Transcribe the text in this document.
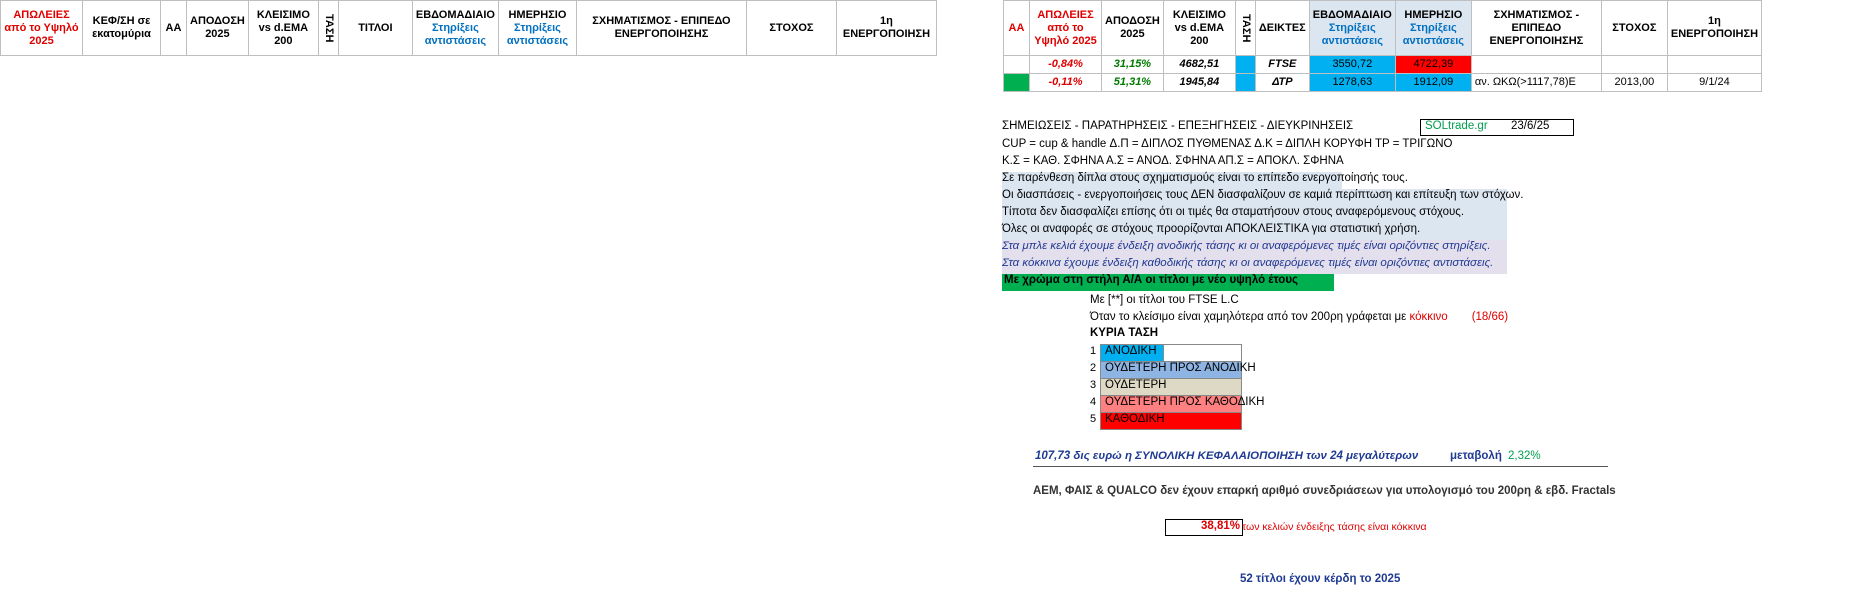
ΑΠΩΛΕΙΕΣ από το Υψηλό 2025	ΚΕΦ/ΣΗ σε εκατομύρια	ΑΑ	ΑΠΟΔΟΣΗ 2025	ΚΛΕΙΣΙΜΟ vs d.EMA 200	ΤΑΣΗ	ΤΙΤΛΟΙ	ΕΒΔΟΜΑΔΙΑΙΟ
Στηρίξεις αντιστάσεις	ΗΜΕΡΗΣΙΟ
Στηρίξεις αντιστάσεις	ΣΧΗΜΑΤΙΣΜΟΣ - ΕΠΙΠΕΔΟ ΕΝΕΡΓΟΠΟΙΗΣΗΣ	ΣΤΟΧΟΣ	1η ΕΝΕΡΓΟΠΟΙΗΣΗ
ΑΑ	ΑΠΩΛΕΙΕΣ από το Υψηλό 2025	ΑΠΟΔΟΣΗ 2025	ΚΛΕΙΣΙΜΟ vs d.EMA 200	ΤΑΣΗ	ΔΕΙΚΤΕΣ	ΕΒΔΟΜΑΔΙΑΙΟ
Στηρίξεις αντιστάσεις	ΗΜΕΡΗΣΙΟ
Στηρίξεις αντιστάσεις	ΣΧΗΜΑΤΙΣΜΟΣ - ΕΠΙΠΕΔΟ ΕΝΕΡΓΟΠΟΙΗΣΗΣ	ΣΤΟΧΟΣ	1η ΕΝΕΡΓΟΠΟΙΗΣΗ
	-0,84%	31,15%	4682,51		FTSE	3550,72	4722,39			
	-0,11%	51,31%	1945,84		ΔΤΡ	1278,63	1912,09	αν. ΩΚΩ(>1117,78)Ε	2013,00	9/1/24
ΣΗΜΕΙΩΣΕΙΣ - ΠΑΡΑΤΗΡΗΣΕΙΣ - ΕΠΕΞΗΓΗΣΕΙΣ - ΔΙΕΥΚΡΙΝΗΣΕΙΣ	SOLtrade.gr 23/6/25
CUP = cup & handle Δ.Π = ΔΙΠΛΟΣ ΠΥΘΜΕΝΑΣ Δ.Κ = ΔΙΠΛΗ ΚΟΡΥΦΗ ΤΡ = ΤΡΙΓΩΝΟ
Κ.Σ = ΚΑΘ. ΣΦΗΝΑ Α.Σ = ΑΝΟΔ. ΣΦΗΝΑ ΑΠ.Σ = ΑΠΟΚΛ. ΣΦΗΝΑ
Σε παρένθεση δίπλα στους σχηματισμούς είναι το επίπεδο ενεργοποίησής τους.
Οι διασπάσεις - ενεργοποιήσεις τους ΔΕΝ διασφαλίζουν σε καμιά περίπτωση και επίτευξη των στόχων.
Τίποτα δεν διασφαλίζει επίσης ότι οι τιμές θα σταματήσουν στους αναφερόμενους στόχους.
Όλες οι αναφορές σε στόχους προορίζονται ΑΠΟΚΛΕΙΣΤΙΚΑ για στατιστική χρήση.
Στα μπλε κελιά έχουμε ένδειξη ανοδικής τάσης κι οι αναφερόμενες τιμές είναι οριζόντιες στηρίξεις.
Στα κόκκινα έχουμε ένδειξη καθοδικής τάσης κι οι αναφερόμενες τιμές είναι οριζόντιες αντιστάσεις.
Με χρώμα στη στήλη Α/Α οι τίτλοι με νέο υψηλό έτους
Με [**] οι τίτλοι του FTSE L.C
Όταν το κλείσιμο είναι χαμηλότερα από τον 200ρη γράφεται με κόκκινο (18/66)
ΚΥΡΙΑ ΤΑΣΗ
1 ΑΝΟΔΙΚΗ
2 ΟΥΔΕΤΕΡΗ ΠΡΟΣ ΑΝΟΔΙΚΗ
3 ΟΥΔΕΤΕΡΗ
4 ΟΥΔΕΤΕΡΗ ΠΡΟΣ ΚΑΘΟΔΙΚΗ
5 ΚΑΘΟΔΙΚΗ
107,73 δις ευρώ η ΣΥΝΟΛΙΚΗ ΚΕΦΑΛΑΙΟΠΟΙΗΣΗ των 24 μεγαλύτερων	μεταβολή 2,32%
ΑΕΜ, ΦΑΙΣ & QUALCO δεν έχουν επαρκή αριθμό συνεδριάσεων για υπολογισμό του 200ρη & εβδ. Fractals
38,81% των κελιών ένδειξης τάσης είναι κόκκινα
52 τίτλοι έχουν κέρδη το 2025
